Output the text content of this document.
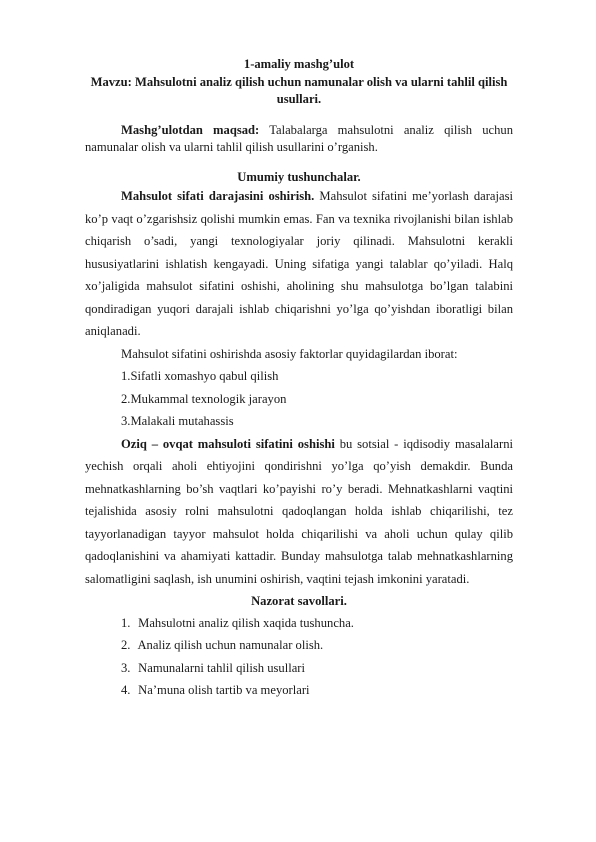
1-amaliy mashg’ulot
Mavzu: Mahsulotni analiz qilish uchun namunalar olish va ularni tahlil qilish usullari.
Mashg’ulotdan maqsad: Talabalarga mahsulotni analiz qilish uchun namunalar olish va ularni tahlil qilish usullarini o’rganish.
Umumiy tushunchalar.
Mahsulot sifati darajasini oshirish. Mahsulot sifatini me’yorlash darajasi ko’p vaqt o’zgarishsiz qolishi mumkin emas. Fan va texnika rivojlanishi bilan ishlab chiqarish o’sadi, yangi texnologiyalar joriy qilinadi. Mahsulotni kerakli hususiyatlarini ishlatish kengayadi. Uning sifatiga yangi talablar qo’yiladi. Halq xo’jaligida mahsulot sifatini oshishi, aholining shu mahsulotga bo’lgan talabini qondiradigan yuqori darajali ishlab chiqarishni yo’lga qo’yishdan iboratligi bilan aniqlanadi.
Mahsulot sifatini oshirishda asosiy faktorlar quyidagilardan iborat:
1.Sifatli xomashyo qabul qilish
2.Mukammal texnologik jarayon
3.Malakali mutahassis
Oziq – ovqat mahsuloti sifatini oshishi bu sotsial - iqdisodiy masalalarni yechish orqali aholi ehtiyojini qondirishni yo’lga qo’yish demakdir. Bunda mehnatkashlarning bo’sh vaqtlari ko’payishi ro’y beradi. Mehnatkashlarni vaqtini tejalishida asosiy rolni mahsulotni qadoqlangan holda ishlab chiqarilishi, tez tayyorlanadigan tayyor mahsulot holda chiqarilishi va aholi uchun qulay qilib qadoqlanishini va ahamiyati kattadir. Bunday mahsulotga talab mehnatkashlarning salomatligini saqlash, ish unumini oshirish, vaqtini tejash imkonini yaratadi.
Nazorat savollari.
1. Mahsulotni analiz qilish xaqida tushuncha.
2. Analiz qilish uchun namunalar olish.
3. Namunalarni tahlil qilish usullari
4. Na’muna olish tartib va meyorlari
